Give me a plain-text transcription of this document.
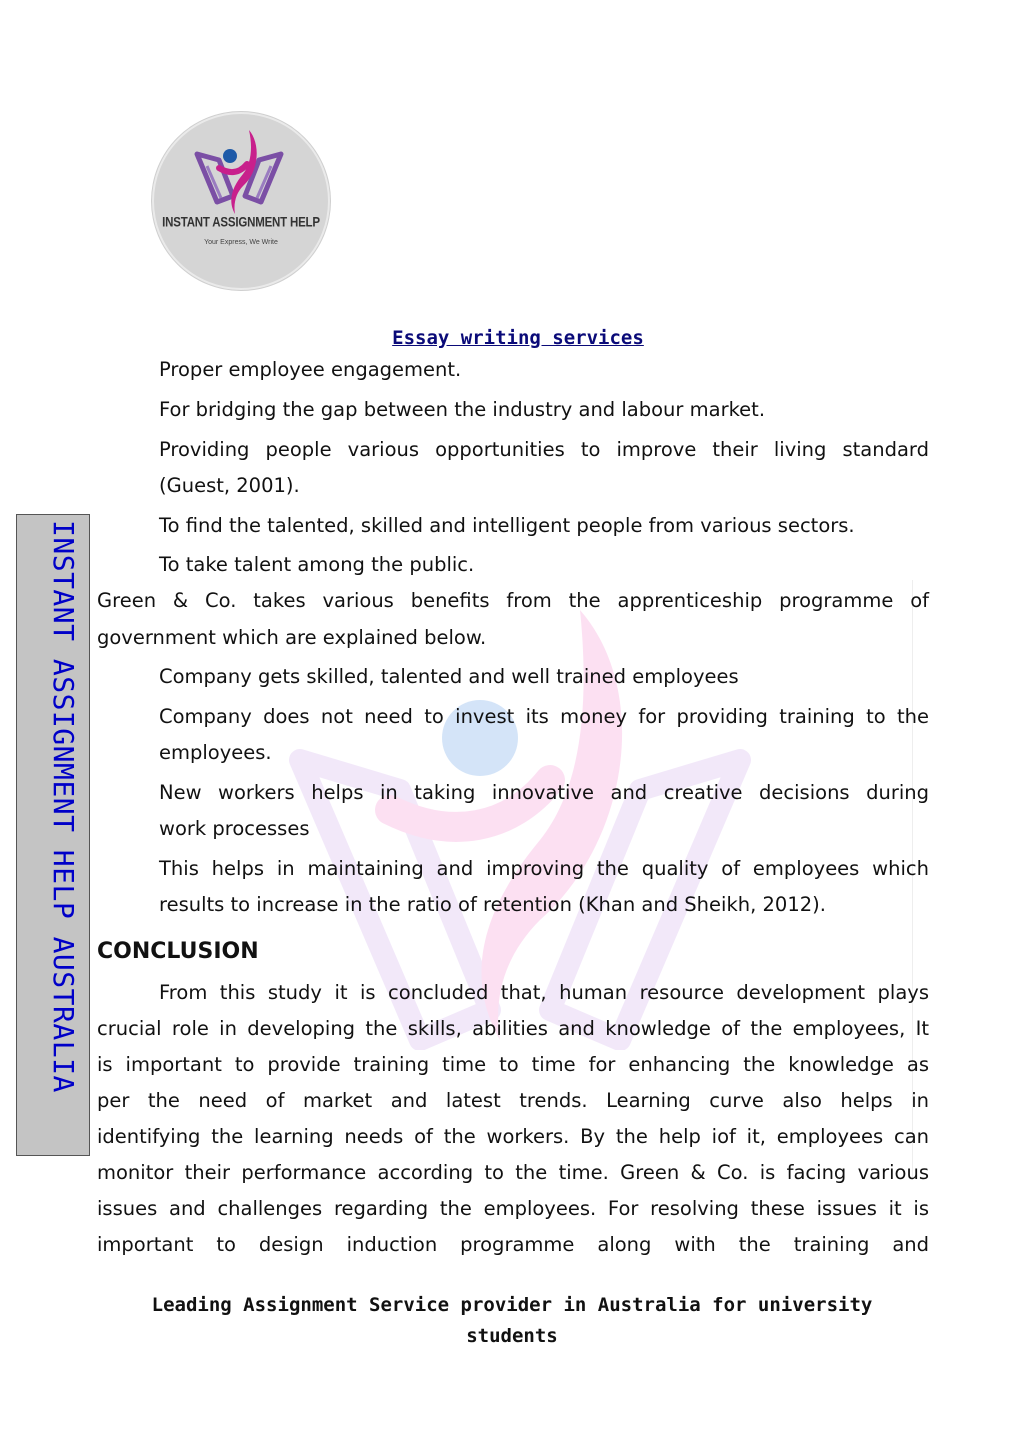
INSTANT ASSIGNMENT HELP
Your Express, We Write
INSTANT ASSIGNMENT HELP AUSTRALIA
Essay writing services
Proper employee engagement.
For bridging the gap between the industry and labour market.
Providing people various opportunities to improve their living standard
(Guest, 2001).
To find the talented, skilled and intelligent people from various sectors.
To take talent among the public.
Green & Co. takes various benefits from the apprenticeship programme of
government which are explained below.
Company gets skilled, talented and well trained employees
Company does not need to invest its money for providing training to the
employees.
New workers helps in taking innovative and creative decisions during
work processes
This helps in maintaining and improving the quality of employees which
results to increase in the ratio of retention (Khan and Sheikh, 2012).
CONCLUSION
From this study it is concluded that, human resource development plays
crucial role in developing the skills, abilities and knowledge of the employees, It
is important to provide training time to time for enhancing the knowledge as
per the need of market and latest trends. Learning curve also helps in
identifying the learning needs of the workers. By the help iof it, employees can
monitor their performance according to the time. Green & Co. is facing various
issues and challenges regarding the employees. For resolving these issues it is
important to design induction programme along with the training and
Leading Assignment Service provider in Australia for university
students
